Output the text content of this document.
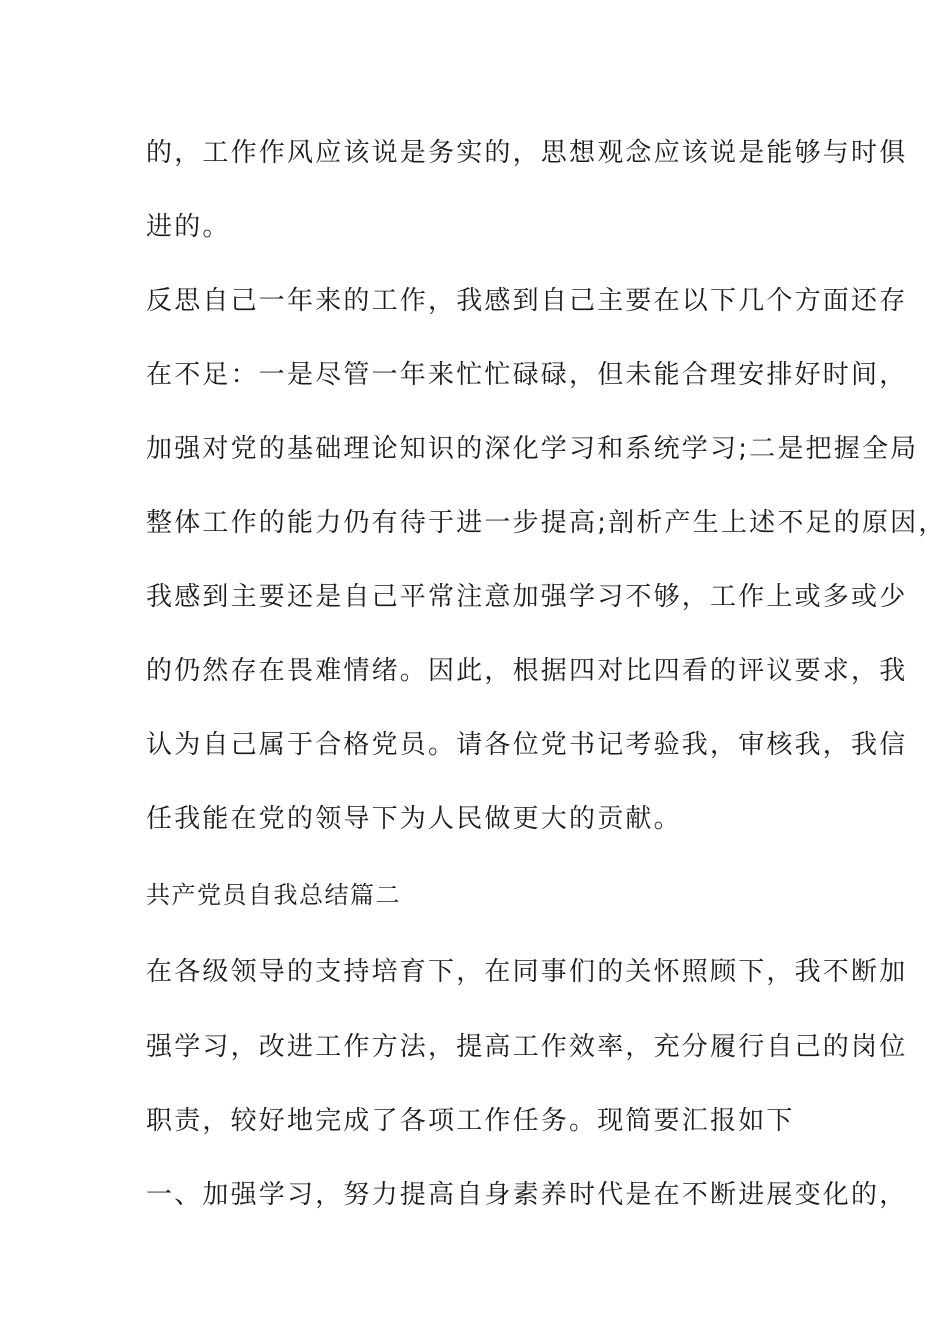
的，工作作风应该说是务实的，思想观念应该说是能够与时俱
进的。
反思自己一年来的工作，我感到自己主要在以下几个方面还存
在不足：一是尽管一年来忙忙碌碌，但未能合理安排好时间，
加强对党的基础理论知识的深化学习和系统学习;二是把握全局
整体工作的能力仍有待于进一步提高;剖析产生上述不足的原因，
我感到主要还是自己平常注意加强学习不够，工作上或多或少
的仍然存在畏难情绪。因此，根据四对比四看的评议要求，我
认为自己属于合格党员。请各位党书记考验我，审核我，我信
任我能在党的领导下为人民做更大的贡献。
共产党员自我总结篇二
在各级领导的支持培育下，在同事们的关怀照顾下，我不断加
强学习，改进工作方法，提高工作效率，充分履行自己的岗位
职责，较好地完成了各项工作任务。现简要汇报如下
一、加强学习，努力提高自身素养时代是在不断进展变化的，
